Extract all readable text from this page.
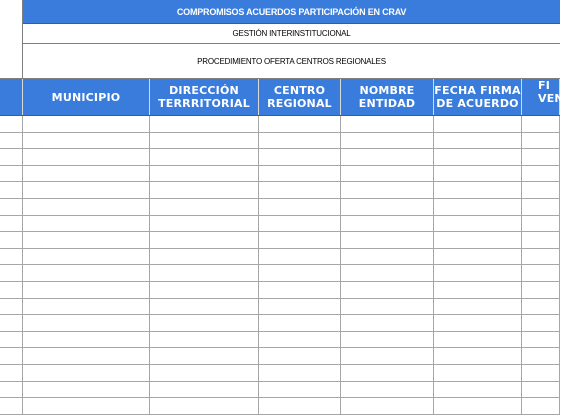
COMPROMISOS ACUERDOS PARTICIPACIÓN EN CRAV
GESTIÓN INTERINSTITUCIONAL
PROCEDIMIENTO OFERTA CENTROS REGIONALES
MUNICIPIO	DIRECCIÓN
TERRRITORIAL
CENTRO
REGIONAL
NOMBRE
ENTIDAD
FECHA FIRMA
DE ACUERDO
FI
VEN
